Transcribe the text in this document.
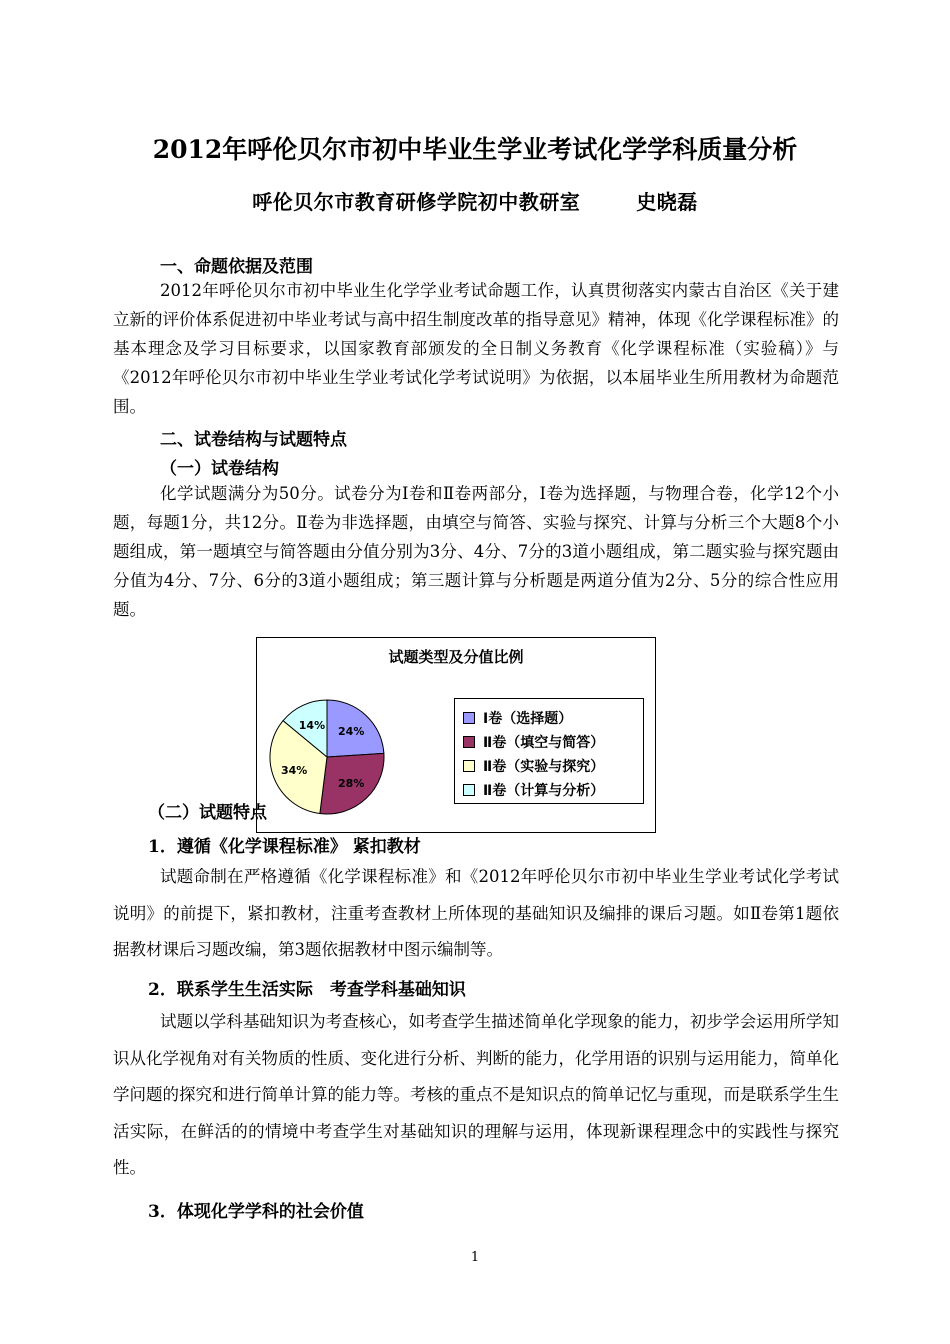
2012年呼伦贝尔市初中毕业生学业考试化学学科质量分析
呼伦贝尔市教育研修学院初中教研室	史晓磊
一、命题依据及范围
2012年呼伦贝尔市初中毕业生化学学业考试命题工作，认真贯彻落实内蒙古自治区《关于建立新的评价体系促进初中毕业考试与高中招生制度改革的指导意见》精神，体现《化学课程标准》的基本理念及学习目标要求，以国家教育部颁发的全日制义务教育《化学课程标准（实验稿）》与《2012年呼伦贝尔市初中毕业生学业考试化学考试说明》为依据，以本届毕业生所用教材为命题范围。
二、试卷结构与试题特点
（一）试卷结构
化学试题满分为50分。试卷分为Ⅰ卷和Ⅱ卷两部分，Ⅰ卷为选择题，与物理合卷，化学12个小题，每题1分，共12分。Ⅱ卷为非选择题，由填空与简答、实验与探究、计算与分析三个大题8个小题组成，第一题填空与简答题由分值分别为3分、4分、7分的3道小题组成，第二题实验与探究题由分值为4分、7分、6分的3道小题组成；第三题计算与分析题是两道分值为2分、5分的综合性应用题。
试题类型及分值比例
24%
28%
34%
14%	Ⅰ卷（选择题）
Ⅱ卷（填空与简答）
Ⅱ卷（实验与探究）
Ⅱ卷（计算与分析）
（二）试题特点
1．遵循《化学课程标准》 紧扣教材
试题命制在严格遵循《化学课程标准》和《2012年呼伦贝尔市初中毕业生学业考试化学考试说明》的前提下，紧扣教材，注重考查教材上所体现的基础知识及编排的课后习题。如Ⅱ卷第1题依据教材课后习题改编，第3题依据教材中图示编制等。
2．联系学生生活实际　考查学科基础知识
试题以学科基础知识为考查核心，如考查学生描述简单化学现象的能力，初步学会运用所学知识从化学视角对有关物质的性质、变化进行分析、判断的能力，化学用语的识别与运用能力，简单化学问题的探究和进行简单计算的能力等。考核的重点不是知识点的简单记忆与重现，而是联系学生生活实际，在鲜活的的情境中考查学生对基础知识的理解与运用，体现新课程理念中的实践性与探究性。
3．体现化学学科的社会价值
1
